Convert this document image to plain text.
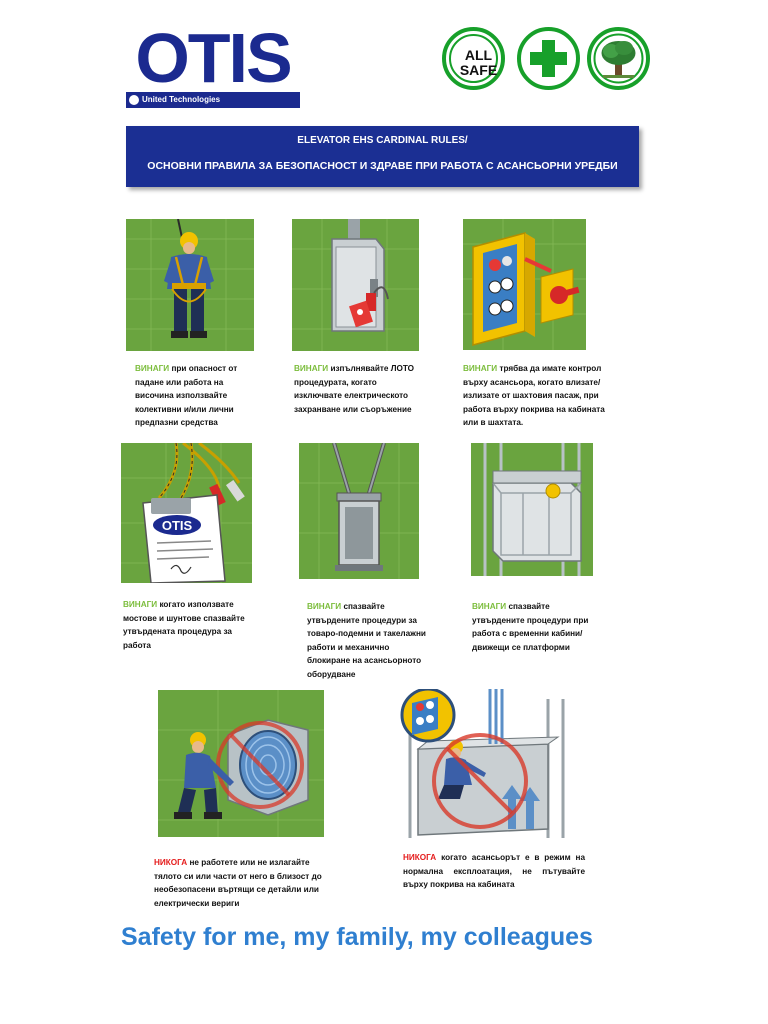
OTIS
United Technologies
ALL
SAFE
ELEVATOR EHS CARDINAL RULES/
ОСНОВНИ ПРАВИЛА ЗА БЕЗОПАСНОСТ И ЗДРАВЕ ПРИ РАБОТА С АСАНСЬОРНИ УРЕДБИ
OTIS
ВИНАГИ при опасност от падане или работа на височина използвайте колективни и/или лични предпазни средства
ВИНАГИ изпълнявайте ЛОТО процедурата, когато изключвате електрическото захранване или съоръжение
ВИНАГИ трябва да имате контрол върху асансьора, когато влизате/излизате от шахтовия пасаж, при работа върху покрива на кабината или в шахтата.
ВИНАГИ когато използвате мостове и шунтове спазвайте утвърдената процедура за работа
ВИНАГИ спазвайте утвърдените процедури за товаро-подемни и такелажни работи и механично блокиране на асансьорното оборудване
ВИНАГИ спазвайте утвърдените процедури при работа с временни кабини/движещи се платформи
НИКОГА не работете или не излагайте тялото си или части от него в близост до необезопасени въртящи се детайли или електрически вериги
НИКОГА когато асансьорът е в режим на нормална експлоатация, не пътувайте върху покрива на кабината
Safety for me, my family, my colleagues
